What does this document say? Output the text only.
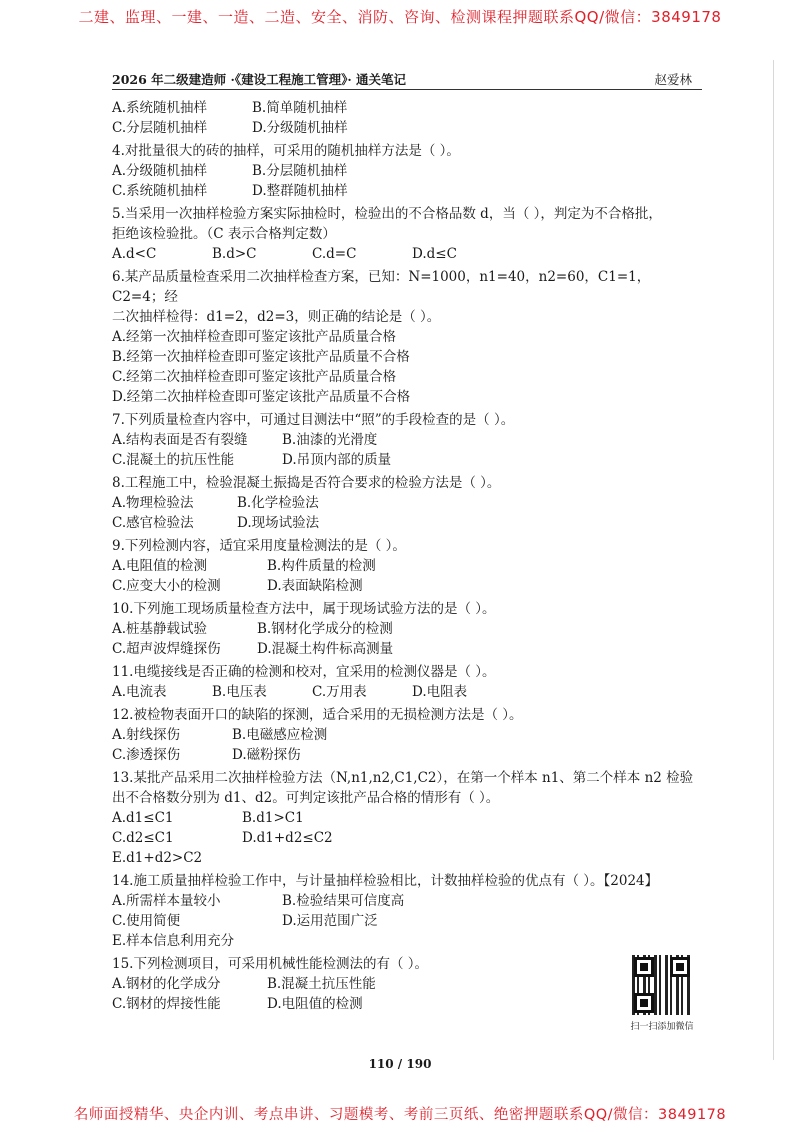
二建、监理、一建、一造、二造、安全、消防、咨询、检测课程押题联系QQ/微信：3849178
2026 年二级建造师 ·《建设工程施工管理》· 通关笔记	赵爱林
A.系统随机抽样	B.简单随机抽样
C.分层随机抽样	D.分级随机抽样
4.对批量很大的砖的抽样，可采用的随机抽样方法是（ ）。
A.分级随机抽样	B.分层随机抽样
C.系统随机抽样	D.整群随机抽样
5.当采用一次抽样检验方案实际抽检时，检验出的不合格品数 d，当（ ），判定为不合格批，
拒绝该检验批。（C 表示合格判定数）
A.d<C	B.d>C	C.d=C	D.d≤C
6.某产品质量检查采用二次抽样检查方案，已知：N=1000，n1=40，n2=60，C1=1，C2=4；经
二次抽样检得：d1=2，d2=3，则正确的结论是（ ）。
A.经第一次抽样检查即可鉴定该批产品质量合格
B.经第一次抽样检查即可鉴定该批产品质量不合格
C.经第二次抽样检查即可鉴定该批产品质量合格
D.经第二次抽样检查即可鉴定该批产品质量不合格
7.下列质量检查内容中，可通过目测法中“照”的手段检查的是（ ）。
A.结构表面是否有裂缝	B.油漆的光滑度
C.混凝土的抗压性能	D.吊顶内部的质量
8.工程施工中，检验混凝土振捣是否符合要求的检验方法是（ ）。
A.物理检验法	B.化学检验法
C.感官检验法	D.现场试验法
9.下列检测内容，适宜采用度量检测法的是（ ）。
A.电阻值的检测	B.构件质量的检测
C.应变大小的检测	D.表面缺陷检测
10.下列施工现场质量检查方法中，属于现场试验方法的是（ ）。
A.桩基静载试验	B.钢材化学成分的检测
C.超声波焊缝探伤	D.混凝土构件标高测量
11.电缆接线是否正确的检测和校对，宜采用的检测仪器是（ ）。
A.电流表	B.电压表	C.万用表	D.电阻表
12.被检物表面开口的缺陷的探测，适合采用的无损检测方法是（ ）。
A.射线探伤	B.电磁感应检测
C.渗透探伤	D.磁粉探伤
13.某批产品采用二次抽样检验方法（N,n1,n2,C1,C2），在第一个样本 n1、第二个样本 n2 检验
出不合格数分别为 d1、d2。可判定该批产品合格的情形有（ ）。
A.d1≤C1	B.d1>C1
C.d2≤C1	D.d1+d2≤C2
E.d1+d2>C2
14.施工质量抽样检验工作中，与计量抽样检验相比，计数抽样检验的优点有（ ）。【2024】
A.所需样本量较小	B.检验结果可信度高
C.使用简便	D.运用范围广泛
E.样本信息利用充分
15.下列检测项目，可采用机械性能检测法的有（ ）。
A.钢材的化学成分	B.混凝土抗压性能
C.钢材的焊接性能	D.电阻值的检测
扫一扫添加微信
110 / 190
名师面授精华、央企内训、考点串讲、习题模考、考前三页纸、绝密押题联系QQ/微信：3849178
